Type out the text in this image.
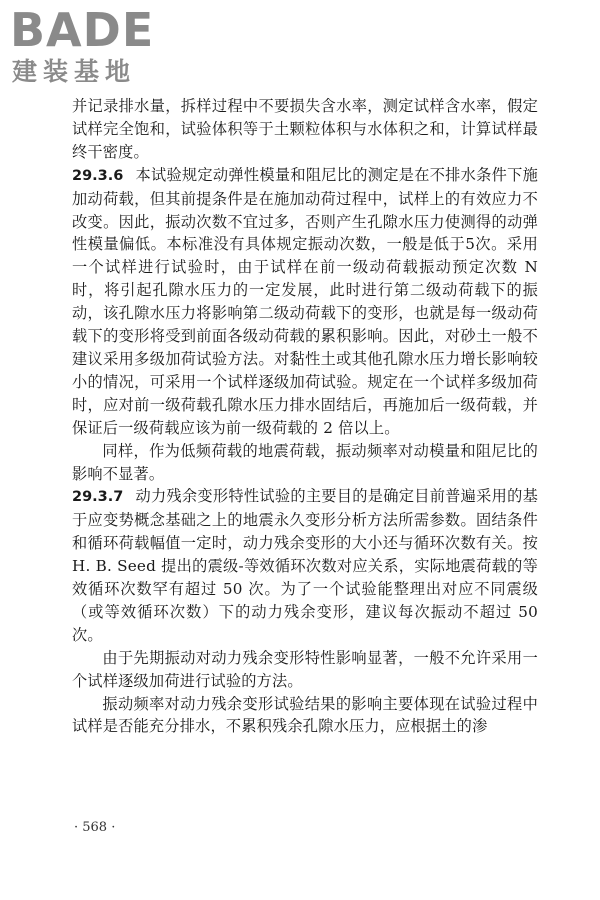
BADE
建装基地

并记录排水量，拆样过程中不要损失含水率，测定试样含水率，假定试样完全饱和，试验体积等于土颗粒体积与水体积之和，计算试样最终干密度。

29.3.6 本试验规定动弹性模量和阻尼比的测定是在不排水条件下施加动荷载，但其前提条件是在施加动荷过程中，试样上的有效应力不改变。因此，振动次数不宜过多，否则产生孔隙水压力使测得的动弹性模量偏低。本标准没有具体规定振动次数，一般是低于5次。采用一个试样进行试验时，由于试样在前一级动荷载振动预定次数 N 时，将引起孔隙水压力的一定发展，此时进行第二级动荷载下的振动，该孔隙水压力将影响第二级动荷载下的变形，也就是每一级动荷载下的变形将受到前面各级动荷载的累积影响。因此，对砂土一般不建议采用多级加荷试验方法。对黏性土或其他孔隙水压力增长影响较小的情况，可采用一个试样逐级加荷试验。规定在一个试样多级加荷时，应对前一级荷载孔隙水压力排水固结后，再施加后一级荷载，并保证后一级荷载应该为前一级荷载的 2 倍以上。

同样，作为低频荷载的地震荷载，振动频率对动模量和阻尼比的影响不显著。

29.3.7 动力残余变形特性试验的主要目的是确定目前普遍采用的基于应变势概念基础之上的地震永久变形分析方法所需参数。固结条件和循环荷载幅值一定时，动力残余变形的大小还与循环次数有关。按 H. B. Seed 提出的震级-等效循环次数对应关系，实际地震荷载的等效循环次数罕有超过 50 次。为了一个试验能整理出对应不同震级（或等效循环次数）下的动力残余变形，建议每次振动不超过 50 次。

由于先期振动对动力残余变形特性影响显著，一般不允许采用一个试样逐级加荷进行试验的方法。

振动频率对动力残余变形试验结果的影响主要体现在试验过程中试样是否能充分排水，不累积残余孔隙水压力，应根据土的渗

· 568 ·
